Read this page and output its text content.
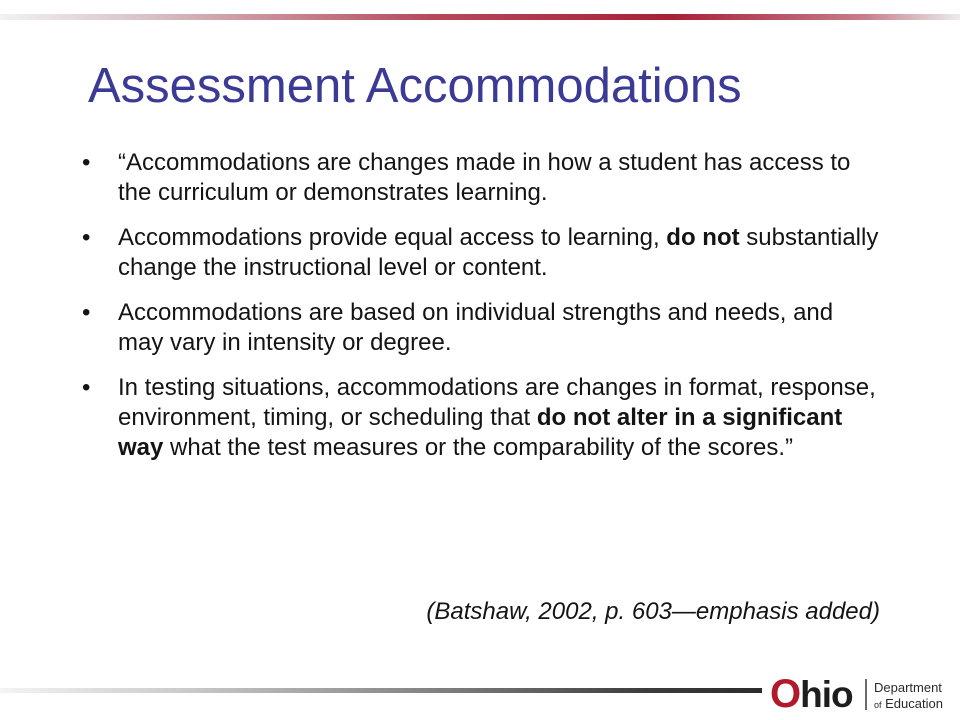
Assessment Accommodations
• “Accommodations are changes made in how a student has access to the curriculum or demonstrates learning.
• Accommodations provide equal access to learning, do not substantially change the instructional level or content.
• Accommodations are based on individual strengths and needs, and may vary in intensity or degree.
• In testing situations, accommodations are changes in format, response, environment, timing, or scheduling that do not alter in a significant way what the test measures or the comparability of the scores.”
(Batshaw, 2002, p. 603—emphasis added)
Ohio Department
of Education
